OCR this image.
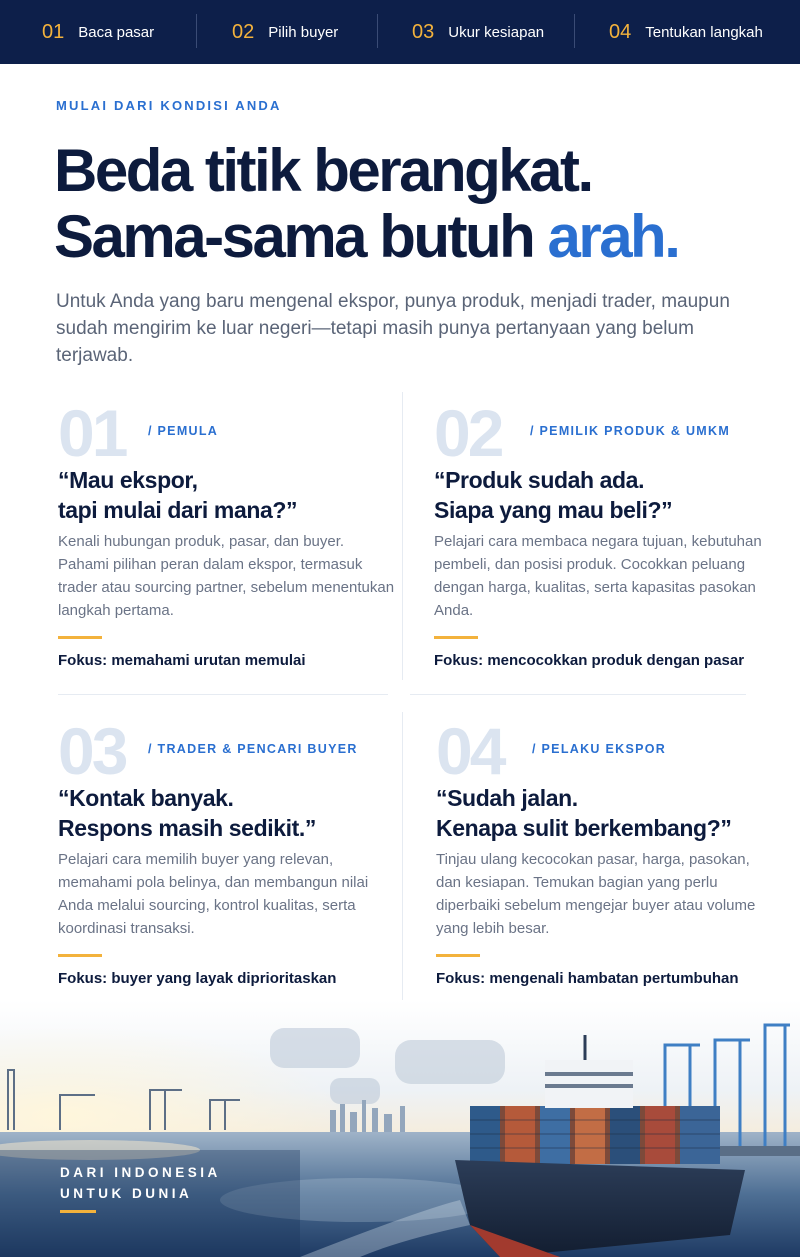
01 Baca pasar	02 Pilih buyer	03 Ukur kesiapan	04 Tentukan langkah
MULAI DARI KONDISI ANDA
Beda titik berangkat.
Sama-sama butuh arah.
Untuk Anda yang baru mengenal ekspor, punya produk, menjadi trader, maupun sudah mengirim ke luar negeri—tetapi masih punya pertanyaan yang belum terjawab.
01 / PEMULA
“Mau ekspor,
tapi mulai dari mana?”
Kenali hubungan produk, pasar, dan buyer. Pahami pilihan peran dalam ekspor, termasuk trader atau sourcing partner, sebelum menentukan langkah pertama.
Fokus: memahami urutan memulai
02 / PEMILIK PRODUK & UMKM
“Produk sudah ada.
Siapa yang mau beli?”
Pelajari cara membaca negara tujuan, kebutuhan pembeli, dan posisi produk. Cocokkan peluang dengan harga, kualitas, serta kapasitas pasokan Anda.
Fokus: mencocokkan produk dengan pasar
03 / TRADER & PENCARI BUYER
“Kontak banyak.
Respons masih sedikit.”
Pelajari cara memilih buyer yang relevan, memahami pola belinya, dan membangun nilai Anda melalui sourcing, kontrol kualitas, serta koordinasi transaksi.
Fokus: buyer yang layak diprioritaskan
04 / PELAKU EKSPOR
“Sudah jalan.
Kenapa sulit berkembang?”
Tinjau ulang kecocokan pasar, harga, pasokan, dan kesiapan. Temukan bagian yang perlu diperbaiki sebelum mengejar buyer atau volume yang lebih besar.
Fokus: mengenali hambatan pertumbuhan
DARI INDONESIA
UNTUK DUNIA
